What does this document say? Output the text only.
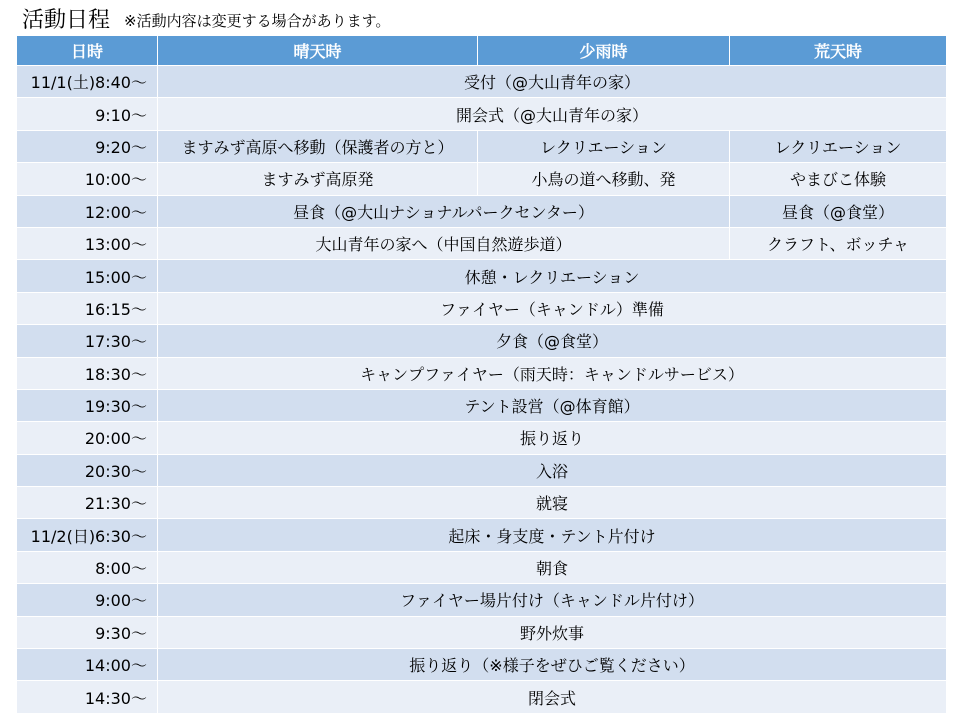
活動日程 ※活動内容は変更する場合があります。
日時	晴天時	少雨時	荒天時
11/1(土)8:40～	受付（@大山青年の家）		
9:10～	開会式（@大山青年の家）		
9:20～	ますみず高原へ移動（保護者の方と）	レクリエーション	レクリエーション
10:00～	ますみず高原発	小鳥の道へ移動、発	やまびこ体験
12:00～	昼食（@大山ナショナルパークセンター）		昼食（@食堂）
13:00～	大山青年の家へ（中国自然遊歩道）		クラフト、ボッチャ
15:00～	休憩・レクリエーション		
16:15～	ファイヤー（キャンドル）準備		
17:30～	夕食（@食堂）		
18:30～	キャンプファイヤー（雨天時：キャンドルサービス）		
19:30～	テント設営（@体育館）		
20:00～	振り返り		
20:30～	入浴		
21:30～	就寝		
11/2(日)6:30～	起床・身支度・テント片付け		
8:00～	朝食		
9:00～	ファイヤー場片付け（キャンドル片付け）		
9:30～	野外炊事		
14:00～	振り返り（※様子をぜひご覧ください）		
14:30～	閉会式		
